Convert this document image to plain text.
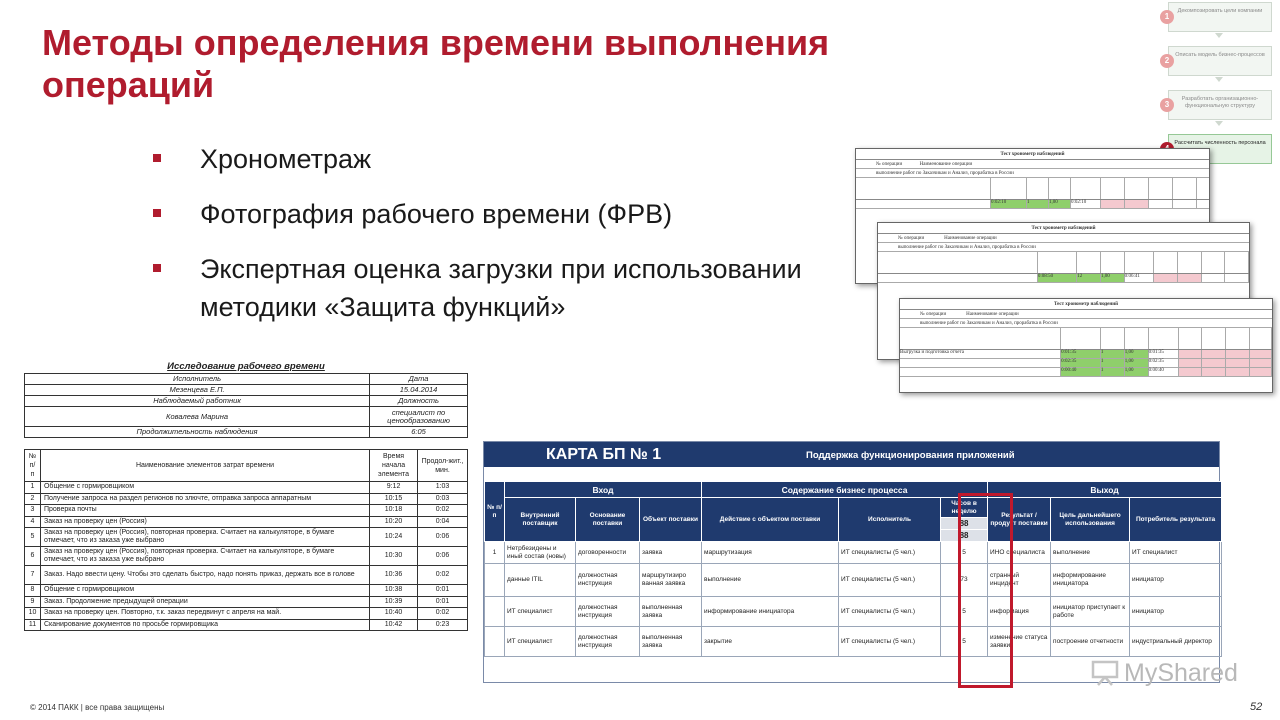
Методы определения времени выполнения операций
Хронометраж
Фотография рабочего времени (ФРВ)
Экспертная оценка загрузки при использовании методики «Защита функций»
Декомпозировать цели компании
1
Описать модель бизнес-процессов
2
Разработать организационно-функциональную структуру
3
Рассчитать численность персонала
Тест хронометр наблюдений
№ операции	Наименование операции
выполнение работ по Заказчикам и Анализ, прорабатка в России
0:02:10	1	1,00	0:02:10
Тест хронометр наблюдений
№ операции	Наименование операции
выполнение работ по Заказчикам и Анализ, прорабатка в России
0:08:50	12	1,00	0:06:41
Тест хронометр наблюдений
№ операции	Наименование операции
выполнение работ по Заказчикам и Анализ, прорабатка в России
Выгрузка и подготовка отчета	0:01:35	1	1,00	0:01:35
0:02:35	1	1,00	0:02:35
0:00:40	1	1,00	0:00:40
Исследование рабочего времени
Исполнитель	Дата
Мезенцева Е.П.	15.04.2014
Наблюдаемый работник	Должность
Ковалева Марина	специалист по ценообразованию
Продолжительность наблюдения	6:05
№ п/п	Наименование элементов затрат времени	Время начала элемента	Продол-жит., мин.
1	Общение с гормировщиком	9:12	1:03
2	Получение запроса на раздел регионов по злючте, отправка запроса аппаратным	10:15	0:03
3	Проверка почты	10:18	0:02
4	Заказ на проверку цен (Россия)	10:20	0:04
5	Заказ на проверку цен (Россия), повторная проверка. Считает на калькуляторе, в бумаге отмечает, что из заказа уже выбрано	10:24	0:06
6	Заказ на проверку цен (Россия), повторная проверка. Считает на калькуляторе, в бумаге отмечает, что из заказа уже выбрано	10:30	0:06
7	Заказ. Надо ввести цену. Чтобы это сделать быстро, надо понять приказ, держать все в голове	10:36	0:02
8	Общение с гормировщиком	10:38	0:01
9	Заказ. Продолжение предыдущей операции	10:39	0:01
10	Заказ на проверку цен. Повторно, т.к. заказ передвинут с апреля на май.	10:40	0:02
11	Сканирование документов по просьбе гормировщика	10:42	0:23
КАРТА БП № 1	Поддержка функционирования приложений
№ п/п	Вход			Содержание бизнес процесса			Выход		
	Внутренний поставщик	Основание поставки	Объект поставки	Действие с объектом поставки	Исполнитель	Часов в неделю	Результат /продукт поставки	Цель дальнейшего использования	Потребитель результата
						88			
						88			
1	Нетрбезидены и иный состав (новы)	договоренности	заявка	маршрутизация	ИТ специалисты (5 чел.)	5	ИНО специалиста	выполнение	ИТ специалист
	данные ITIL	должностная инструкция	маршрутизиро ванная заявка	выполнение	ИТ специалисты (5 чел.)	73	странный инцидент	информирование инициатора	инициатор
	ИТ специалист	должностная инструкция	выполненная заявка	информирование инициатора	ИТ специалисты (5 чел.)	5	информация	инициатор приступает к работе	инициатор
	ИТ специалист	должностная инструкция	выполненная заявка	закрытие	ИТ специалисты (5 чел.)	5	изменение статуса заявки	построение отчетности	индустриальный директор
MyShared
© 2014 ПАКК | все права защищены	52
